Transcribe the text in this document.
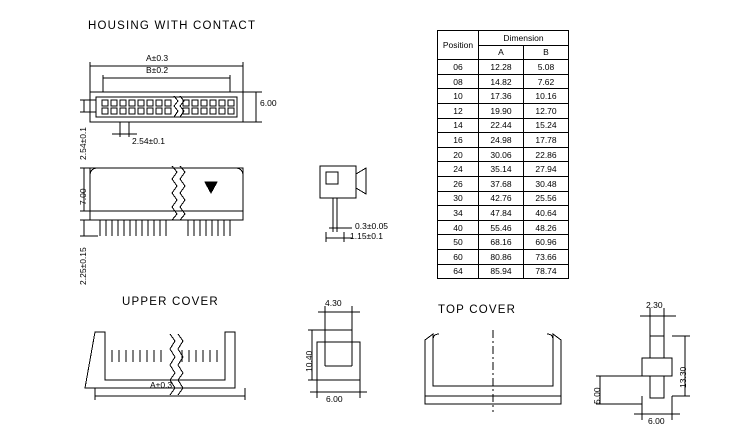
HOUSING WITH CONTACT
UPPER COVER
TOP COVER
A±0.3
B±0.2
6.00
2.54±0.1
2.54±0.1
7.00
2.25±0.15
0.3±0.05
1.15±0.1
A±0.3
4.30
10.40
6.00
2.30
13.30
5.00
6.00
Position	Dimension	
	A	B
06	12.28	5.08
08	14.82	7.62
10	17.36	10.16
12	19.90	12.70
14	22.44	15.24
16	24.98	17.78
20	30.06	22.86
24	35.14	27.94
26	37.68	30.48
30	42.76	25.56
34	47.84	40.64
40	55.46	48.26
50	68.16	60.96
60	80.86	73.66
64	85.94	78.74
